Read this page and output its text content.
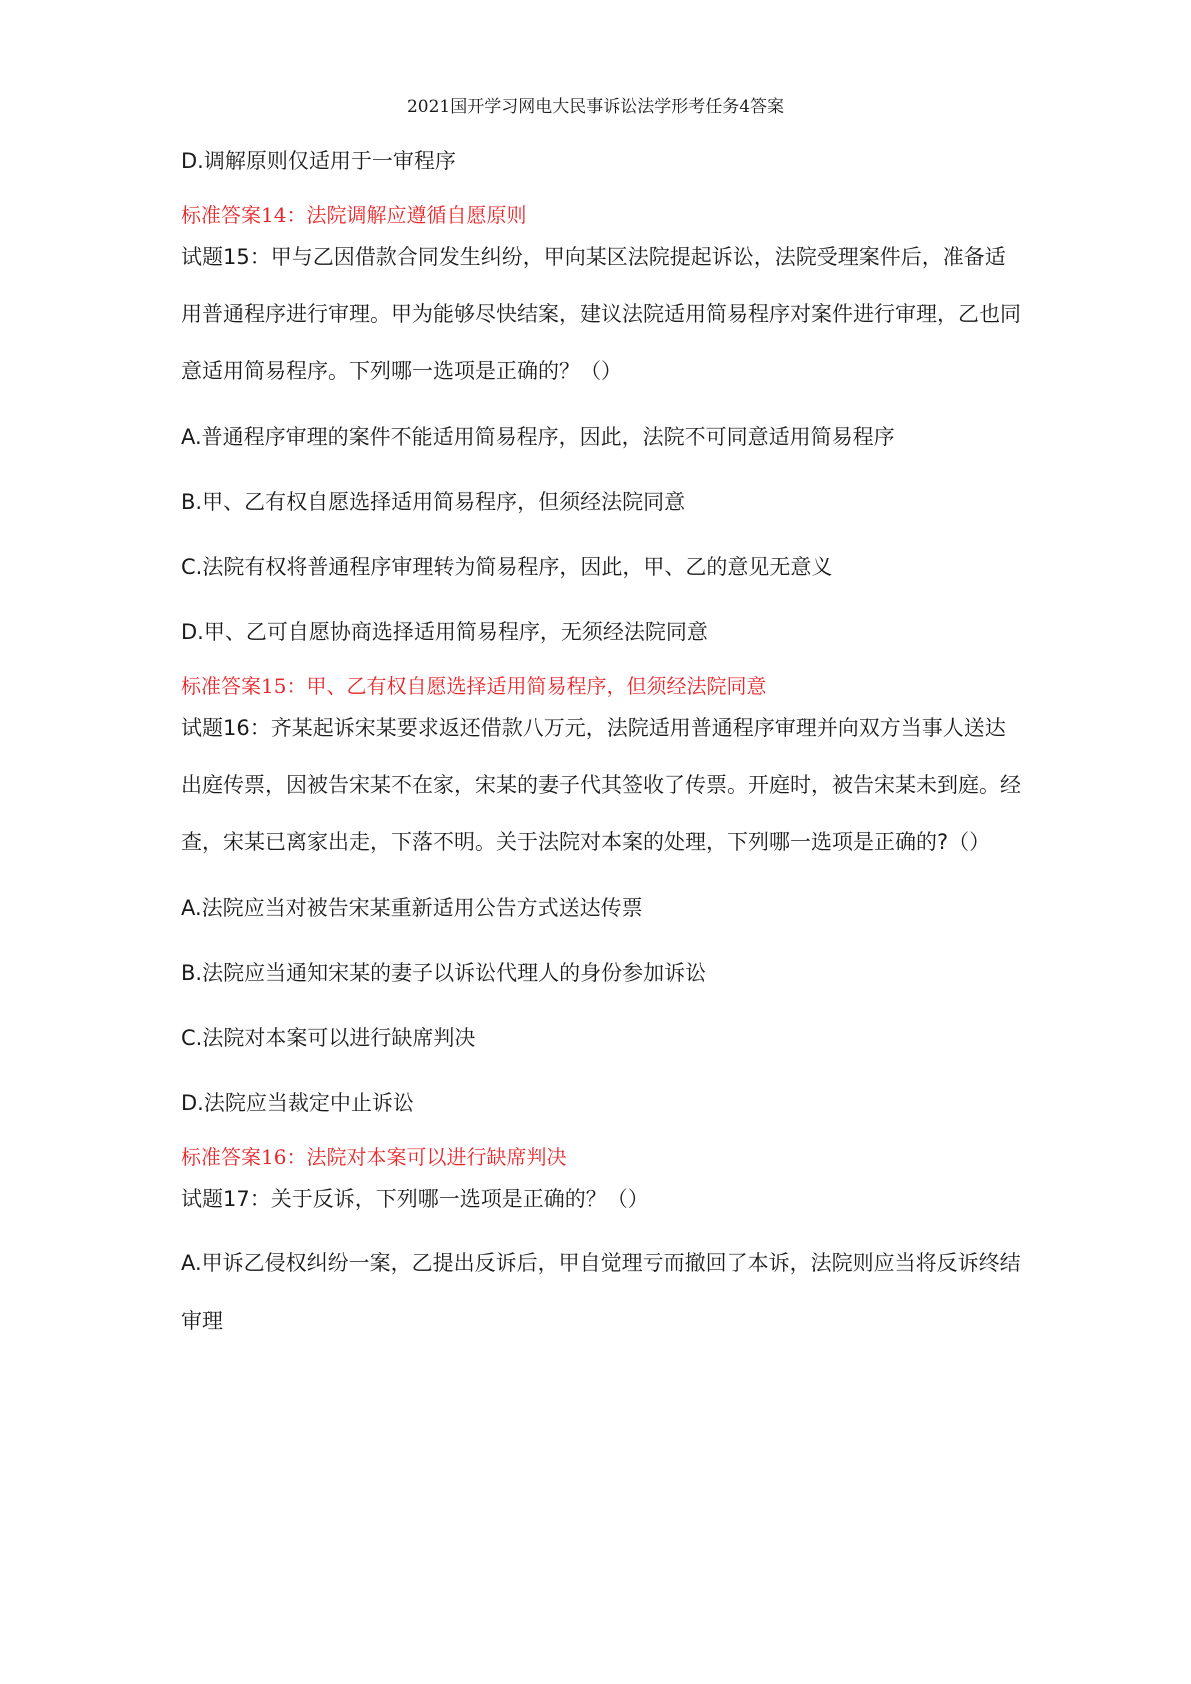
2021国开学习网电大民事诉讼法学形考任务4答案
D.调解原则仅适用于一审程序
标准答案14：法院调解应遵循自愿原则
试题15：甲与乙因借款合同发生纠纷，甲向某区法院提起诉讼，法院受理案件后，准备适
用普通程序进行审理。甲为能够尽快结案，建议法院适用简易程序对案件进行审理，乙也同
意适用简易程序。下列哪一选项是正确的？（）
A.普通程序审理的案件不能适用简易程序，因此，法院不可同意适用简易程序
B.甲、乙有权自愿选择适用简易程序，但须经法院同意
C.法院有权将普通程序审理转为简易程序，因此，甲、乙的意见无意义
D.甲、乙可自愿协商选择适用简易程序，无须经法院同意
标准答案15：甲、乙有权自愿选择适用简易程序，但须经法院同意
试题16：齐某起诉宋某要求返还借款八万元，法院适用普通程序审理并向双方当事人送达
出庭传票，因被告宋某不在家，宋某的妻子代其签收了传票。开庭时，被告宋某未到庭。经
查，宋某已离家出走，下落不明。关于法院对本案的处理，下列哪一选项是正确的?（）
A.法院应当对被告宋某重新适用公告方式送达传票
B.法院应当通知宋某的妻子以诉讼代理人的身份参加诉讼
C.法院对本案可以进行缺席判决
D.法院应当裁定中止诉讼
标准答案16：法院对本案可以进行缺席判决
试题17：关于反诉，下列哪一选项是正确的？（）
A.甲诉乙侵权纠纷一案，乙提出反诉后，甲自觉理亏而撤回了本诉，法院则应当将反诉终结
审理
